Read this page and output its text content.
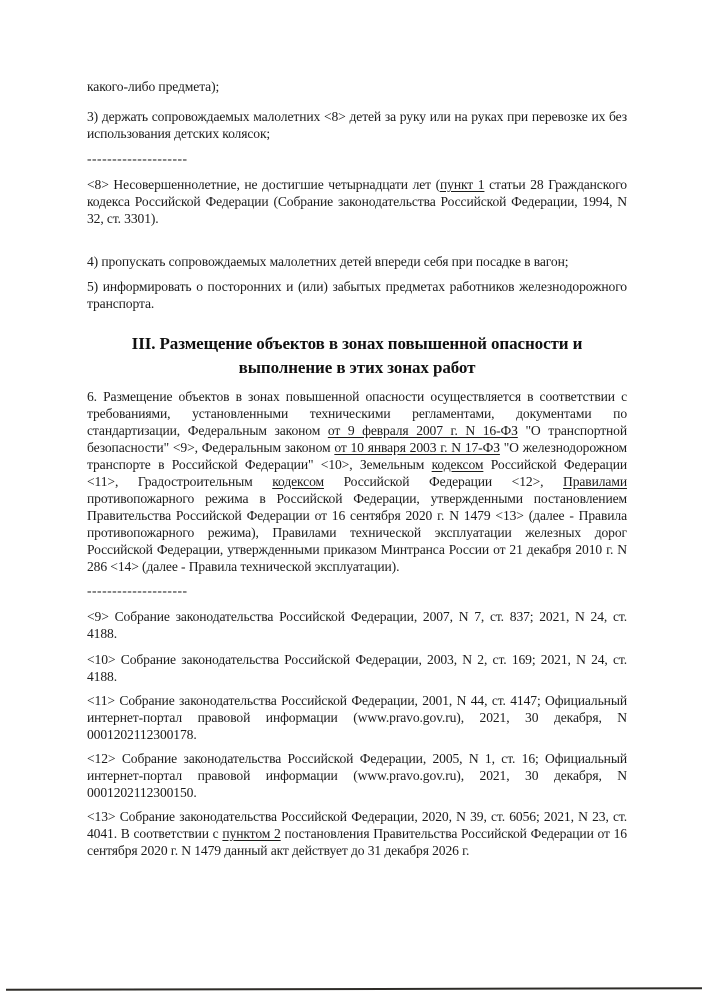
какого-либо предмета);

3) держать сопровождаемых малолетних <8> детей за руку или на руках при перевозке их без использования детских колясок;

--------------------

<8> Несовершеннолетние, не достигшие четырнадцати лет (пункт 1 статьи 28 Гражданского кодекса Российской Федерации (Собрание законодательства Российской Федерации, 1994, N 32, ст. 3301).

4) пропускать сопровождаемых малолетних детей впереди себя при посадке в вагон;

5) информировать о посторонних и (или) забытых предметах работников железнодорожного транспорта.

III. Размещение объектов в зонах повышенной опасности и выполнение в этих зонах работ

6. Размещение объектов в зонах повышенной опасности осуществляется в соответствии с требованиями, установленными техническими регламентами, документами по стандартизации, Федеральным законом от 9 февраля 2007 г. N 16-ФЗ "О транспортной безопасности" <9>, Федеральным законом от 10 января 2003 г. N 17-ФЗ "О железнодорожном транспорте в Российской Федерации" <10>, Земельным кодексом Российской Федерации <11>, Градостроительным кодексом Российской Федерации <12>, Правилами противопожарного режима в Российской Федерации, утвержденными постановлением Правительства Российской Федерации от 16 сентября 2020 г. N 1479 <13> (далее - Правила противопожарного режима), Правилами технической эксплуатации железных дорог Российской Федерации, утвержденными приказом Минтранса России от 21 декабря 2010 г. N 286 <14> (далее - Правила технической эксплуатации).

--------------------

<9> Собрание законодательства Российской Федерации, 2007, N 7, ст. 837; 2021, N 24, ст. 4188.

<10> Собрание законодательства Российской Федерации, 2003, N 2, ст. 169; 2021, N 24, ст. 4188.

<11> Собрание законодательства Российской Федерации, 2001, N 44, ст. 4147; Официальный интернет-портал правовой информации (www.pravo.gov.ru), 2021, 30 декабря, N 0001202112300178.

<12> Собрание законодательства Российской Федерации, 2005, N 1, ст. 16; Официальный интернет-портал правовой информации (www.pravo.gov.ru), 2021, 30 декабря, N 0001202112300150.

<13> Собрание законодательства Российской Федерации, 2020, N 39, ст. 6056; 2021, N 23, ст. 4041. В соответствии с пунктом 2 постановления Правительства Российской Федерации от 16 сентября 2020 г. N 1479 данный акт действует до 31 декабря 2026 г.
